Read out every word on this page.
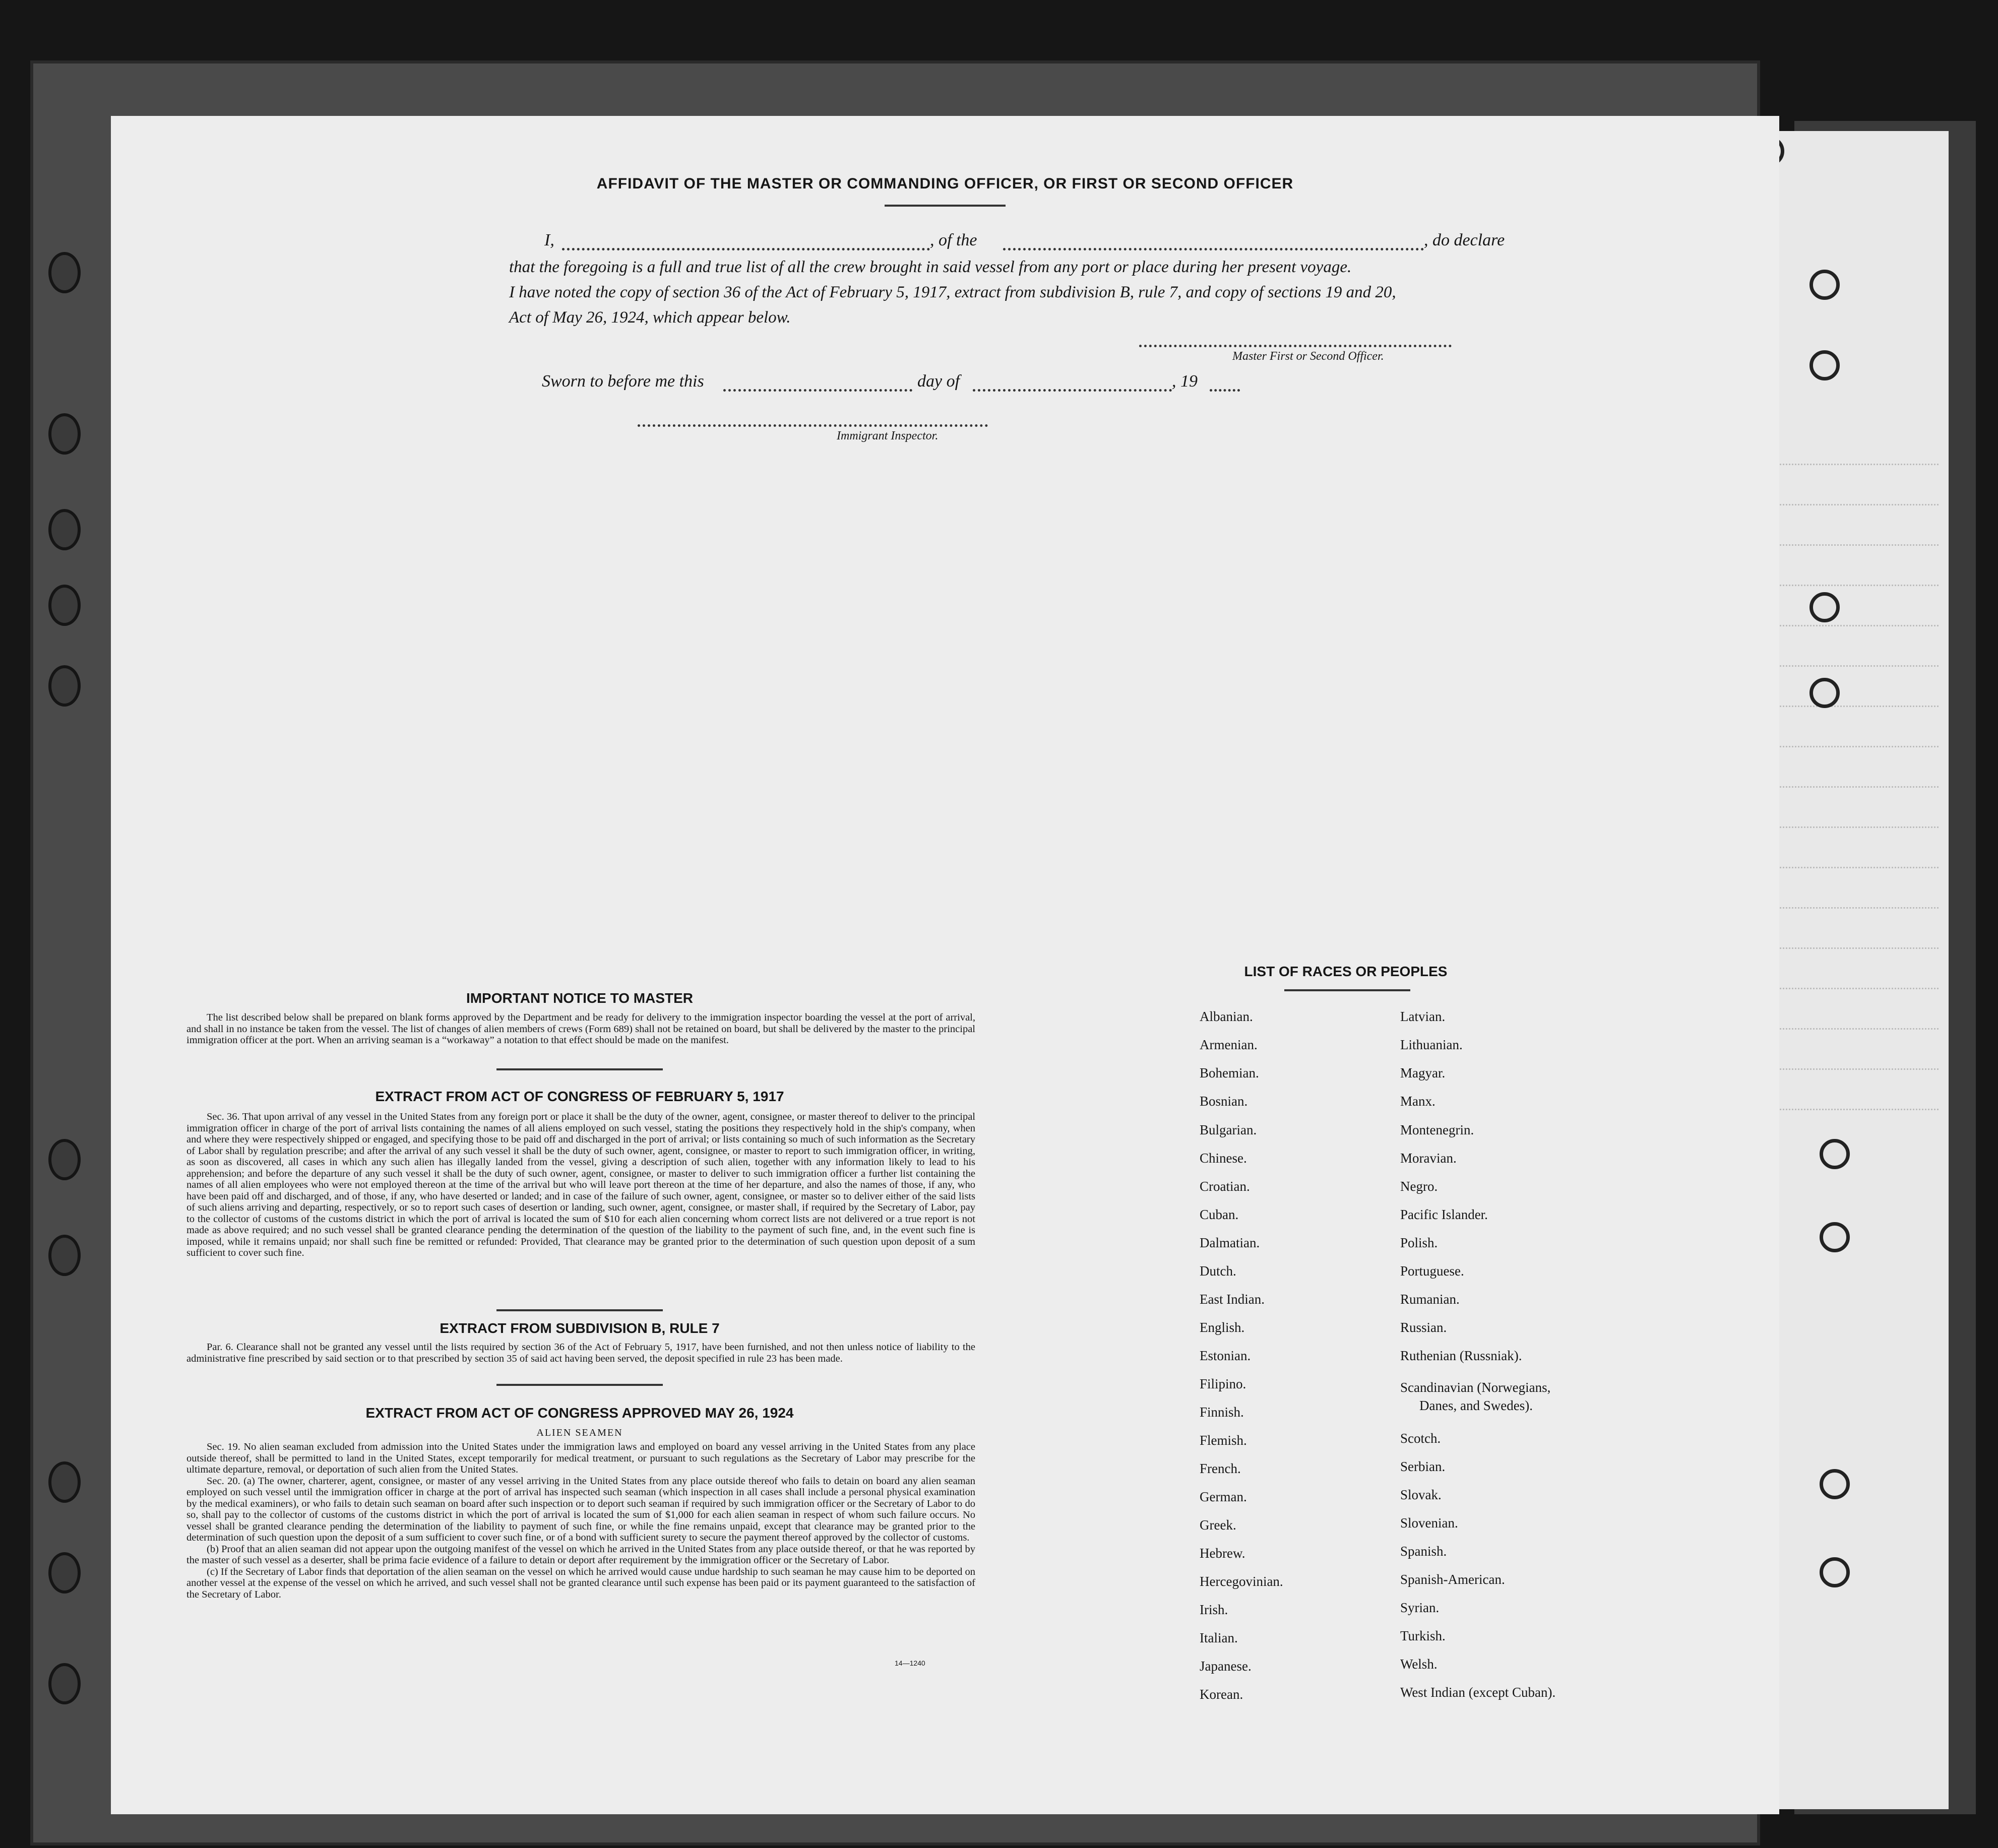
AFFIDAVIT OF THE MASTER OR COMMANDING OFFICER, OR FIRST OR SECOND OFFICER
I,	, of the	, do declare
that the foregoing is a full and true list of all the crew brought in said vessel from any port or place during her present voyage.
I have noted the copy of section 36 of the Act of February 5, 1917, extract from subdivision B, rule 7, and copy of sections 19 and 20,
Act of May 26, 1924, which appear below.
Master First or Second Officer.
Sworn to before me this	day of	, 19
Immigrant Inspector.
IMPORTANT NOTICE TO MASTER

The list described below shall be prepared on blank forms approved by the Department and be ready for delivery to the immigration inspector boarding the vessel at the port of arrival, and shall in no instance be taken from the vessel. The list of changes of alien members of crews (Form 689) shall not be retained on board, but shall be delivered by the master to the principal immigration officer at the port. When an arriving seaman is a “workaway” a notation to that effect should be made on the manifest.

EXTRACT FROM ACT OF CONGRESS OF FEBRUARY 5, 1917

Sec. 36. That upon arrival of any vessel in the United States from any foreign port or place it shall be the duty of the owner, agent, consignee, or master thereof to deliver to the principal immigration officer in charge of the port of arrival lists containing the names of all aliens employed on such vessel, stating the positions they respectively hold in the ship's company, when and where they were respectively shipped or engaged, and specifying those to be paid off and discharged in the port of arrival; or lists containing so much of such information as the Secretary of Labor shall by regulation prescribe; and after the arrival of any such vessel it shall be the duty of such owner, agent, consignee, or master to report to such immigration officer, in writing, as soon as discovered, all cases in which any such alien has illegally landed from the vessel, giving a description of such alien, together with any information likely to lead to his apprehension; and before the departure of any such vessel it shall be the duty of such owner, agent, consignee, or master to deliver to such immigration officer a further list containing the names of all alien employees who were not employed thereon at the time of the arrival but who will leave port thereon at the time of her departure, and also the names of those, if any, who have been paid off and discharged, and of those, if any, who have deserted or landed; and in case of the failure of such owner, agent, consignee, or master so to deliver either of the said lists of such aliens arriving and departing, respectively, or so to report such cases of desertion or landing, such owner, agent, consignee, or master shall, if required by the Secretary of Labor, pay to the collector of customs of the customs district in which the port of arrival is located the sum of $10 for each alien concerning whom correct lists are not delivered or a true report is not made as above required; and no such vessel shall be granted clearance pending the determination of the question of the liability to the payment of such fine, and, in the event such fine is imposed, while it remains unpaid; nor shall such fine be remitted or refunded: Provided, That clearance may be granted prior to the determination of such question upon deposit of a sum sufficient to cover such fine.

EXTRACT FROM SUBDIVISION B, RULE 7

Par. 6. Clearance shall not be granted any vessel until the lists required by section 36 of the Act of February 5, 1917, have been furnished, and not then unless notice of liability to the administrative fine prescribed by said section or to that prescribed by section 35 of said act having been served, the deposit specified in rule 23 has been made.

EXTRACT FROM ACT OF CONGRESS APPROVED MAY 26, 1924
ALIEN SEAMEN

Sec. 19. No alien seaman excluded from admission into the United States under the immigration laws and employed on board any vessel arriving in the United States from any place outside thereof, shall be permitted to land in the United States, except temporarily for medical treatment, or pursuant to such regulations as the Secretary of Labor may prescribe for the ultimate departure, removal, or deportation of such alien from the United States.

Sec. 20. (a) The owner, charterer, agent, consignee, or master of any vessel arriving in the United States from any place outside thereof who fails to detain on board any alien seaman employed on such vessel until the immigration officer in charge at the port of arrival has inspected such seaman (which inspection in all cases shall include a personal physical examination by the medical examiners), or who fails to detain such seaman on board after such inspection or to deport such seaman if required by such immigration officer or the Secretary of Labor to do so, shall pay to the collector of customs of the customs district in which the port of arrival is located the sum of $1,000 for each alien seaman in respect of whom such failure occurs. No vessel shall be granted clearance pending the determination of the liability to payment of such fine, or while the fine remains unpaid, except that clearance may be granted prior to the determination of such question upon the deposit of a sum sufficient to cover such fine, or of a bond with sufficient surety to secure the payment thereof approved by the collector of customs.

(b) Proof that an alien seaman did not appear upon the outgoing manifest of the vessel on which he arrived in the United States from any place outside thereof, or that he was reported by the master of such vessel as a deserter, shall be prima facie evidence of a failure to detain or deport after requirement by the immigration officer or the Secretary of Labor.

(c) If the Secretary of Labor finds that deportation of the alien seaman on the vessel on which he arrived would cause undue hardship to such seaman he may cause him to be deported on another vessel at the expense of the vessel on which he arrived, and such vessel shall not be granted clearance until such expense has been paid or its payment guaranteed to the satisfaction of the Secretary of Labor.

14—1240
LIST OF RACES OR PEOPLES
Albanian.
Armenian.
Bohemian.
Bosnian.
Bulgarian.
Chinese.
Croatian.
Cuban.
Dalmatian.
Dutch.
East Indian.
English.
Estonian.
Filipino.
Finnish.
Flemish.
French.
German.
Greek.
Hebrew.
Hercegovinian.
Irish.
Italian.
Japanese.
Korean.
Latvian.
Lithuanian.
Magyar.
Manx.
Montenegrin.
Moravian.
Negro.
Pacific Islander.
Polish.
Portuguese.
Rumanian.
Russian.
Ruthenian (Russniak).
Scandinavian (Norwegians,
Danes, and Swedes).
Scotch.
Serbian.
Slovak.
Slovenian.
Spanish.
Spanish-American.
Syrian.
Turkish.
Welsh.
West Indian (except Cuban).
